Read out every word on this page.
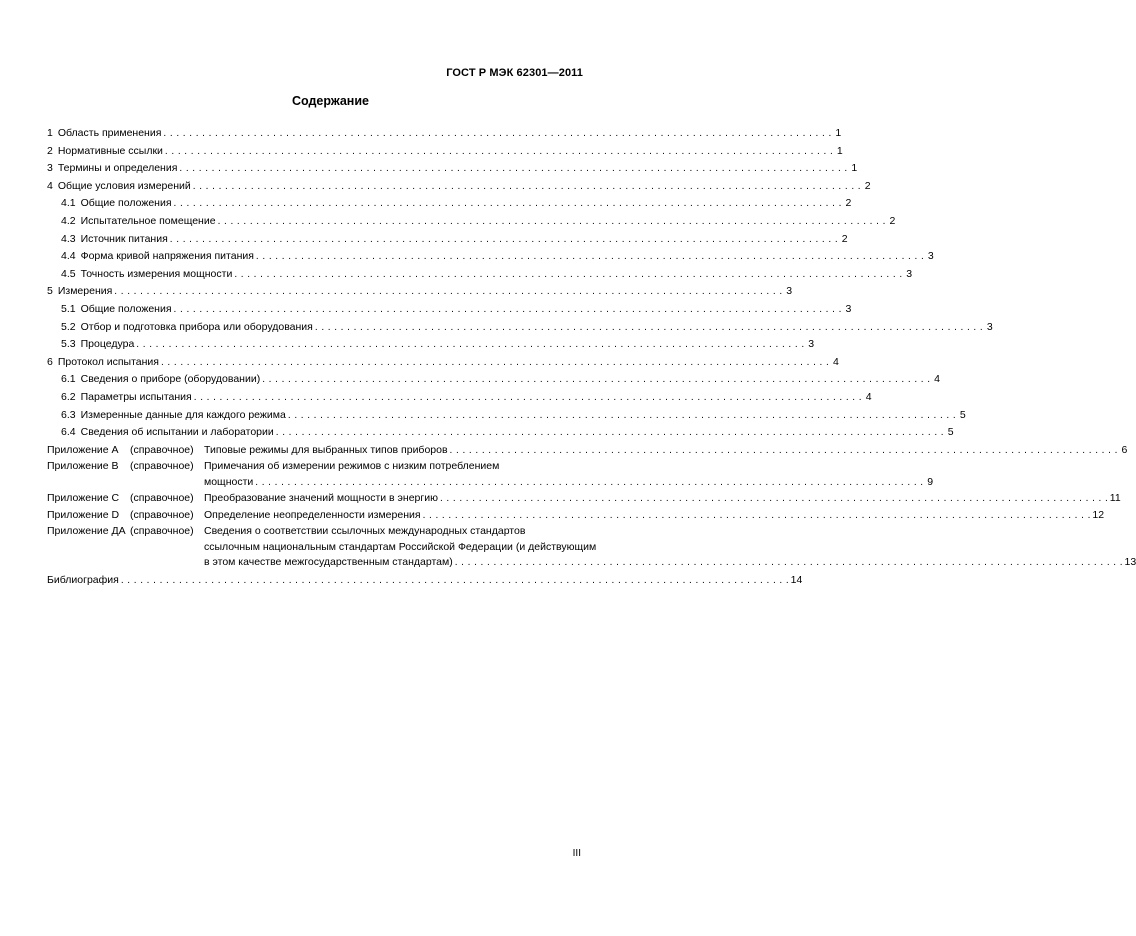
ГОСТ Р МЭК 62301—2011
Содержание
1 Область применения . . .	1
2 Нормативные ссылки . . .	1
3 Термины и определения . . .	1
4 Общие условия измерений . . .	2
4.1 Общие положения . . .	2
4.2 Испытательное помещение . . .	2
4.3 Источник питания . . .	2
4.4 Форма кривой напряжения питания . . .	3
4.5 Точность измерения мощности . . .	3
5 Измерения . . .	3
5.1 Общие положения . . .	3
5.2 Отбор и подготовка прибора или оборудования . . .	3
5.3 Процедура . . .	3
6 Протокол испытания . . .	4
6.1 Сведения о приборе (оборудовании) . . .	4
6.2 Параметры испытания . . .	4
6.3 Измеренные данные для каждого режима . . .	5
6.4 Сведения об испытании и лаборатории . . .	5
Приложение А	(справочное) Типовые режимы для выбранных типов приборов . . .	6
Приложение В	(справочное) Примечания об измерении режимов с низким потреблением
мощности . . .	9
Приложение С	(справочное) Преобразование значений мощности в энергию . . .	11
Приложение D	(справочное) Определение неопределенности измерения . . .	12
Приложение ДА (справочное) Сведения о соответствии ссылочных международных стандартов
ссылочным национальным стандартам Российской Федерации (и действующим
в этом качестве межгосударственным стандартам) . . .	13
Библиография . . .	14
III
